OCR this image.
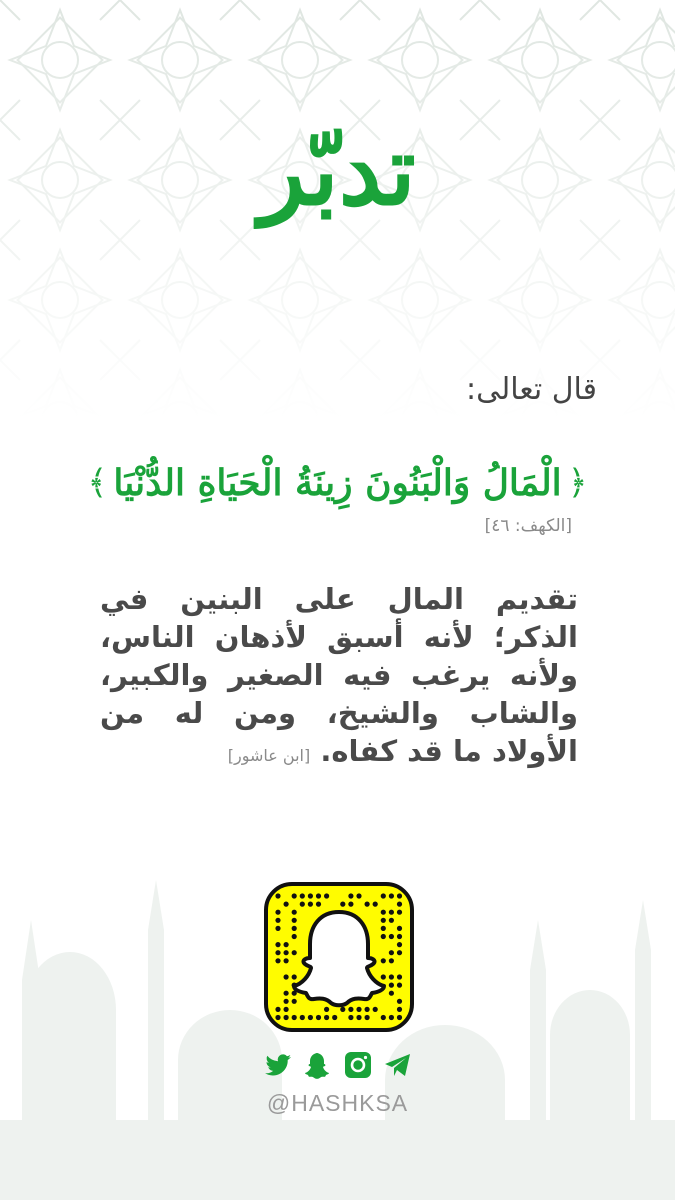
تدبّر
قال تعالى:
﴿
الْمَالُ وَالْبَنُونَ زِينَةُ الْحَيَاةِ الدُّنْيَا
﴾
[الكهف: ٤٦]
تقديم المال على البنين في الذكر؛ لأنه أسبق لأذهان الناس، ولأنه يرغب فيه الصغير والكبير، والشاب والشيخ، ومن له من الأولاد ما قد كفاه. [ابن عاشور]
@HASHKSA
